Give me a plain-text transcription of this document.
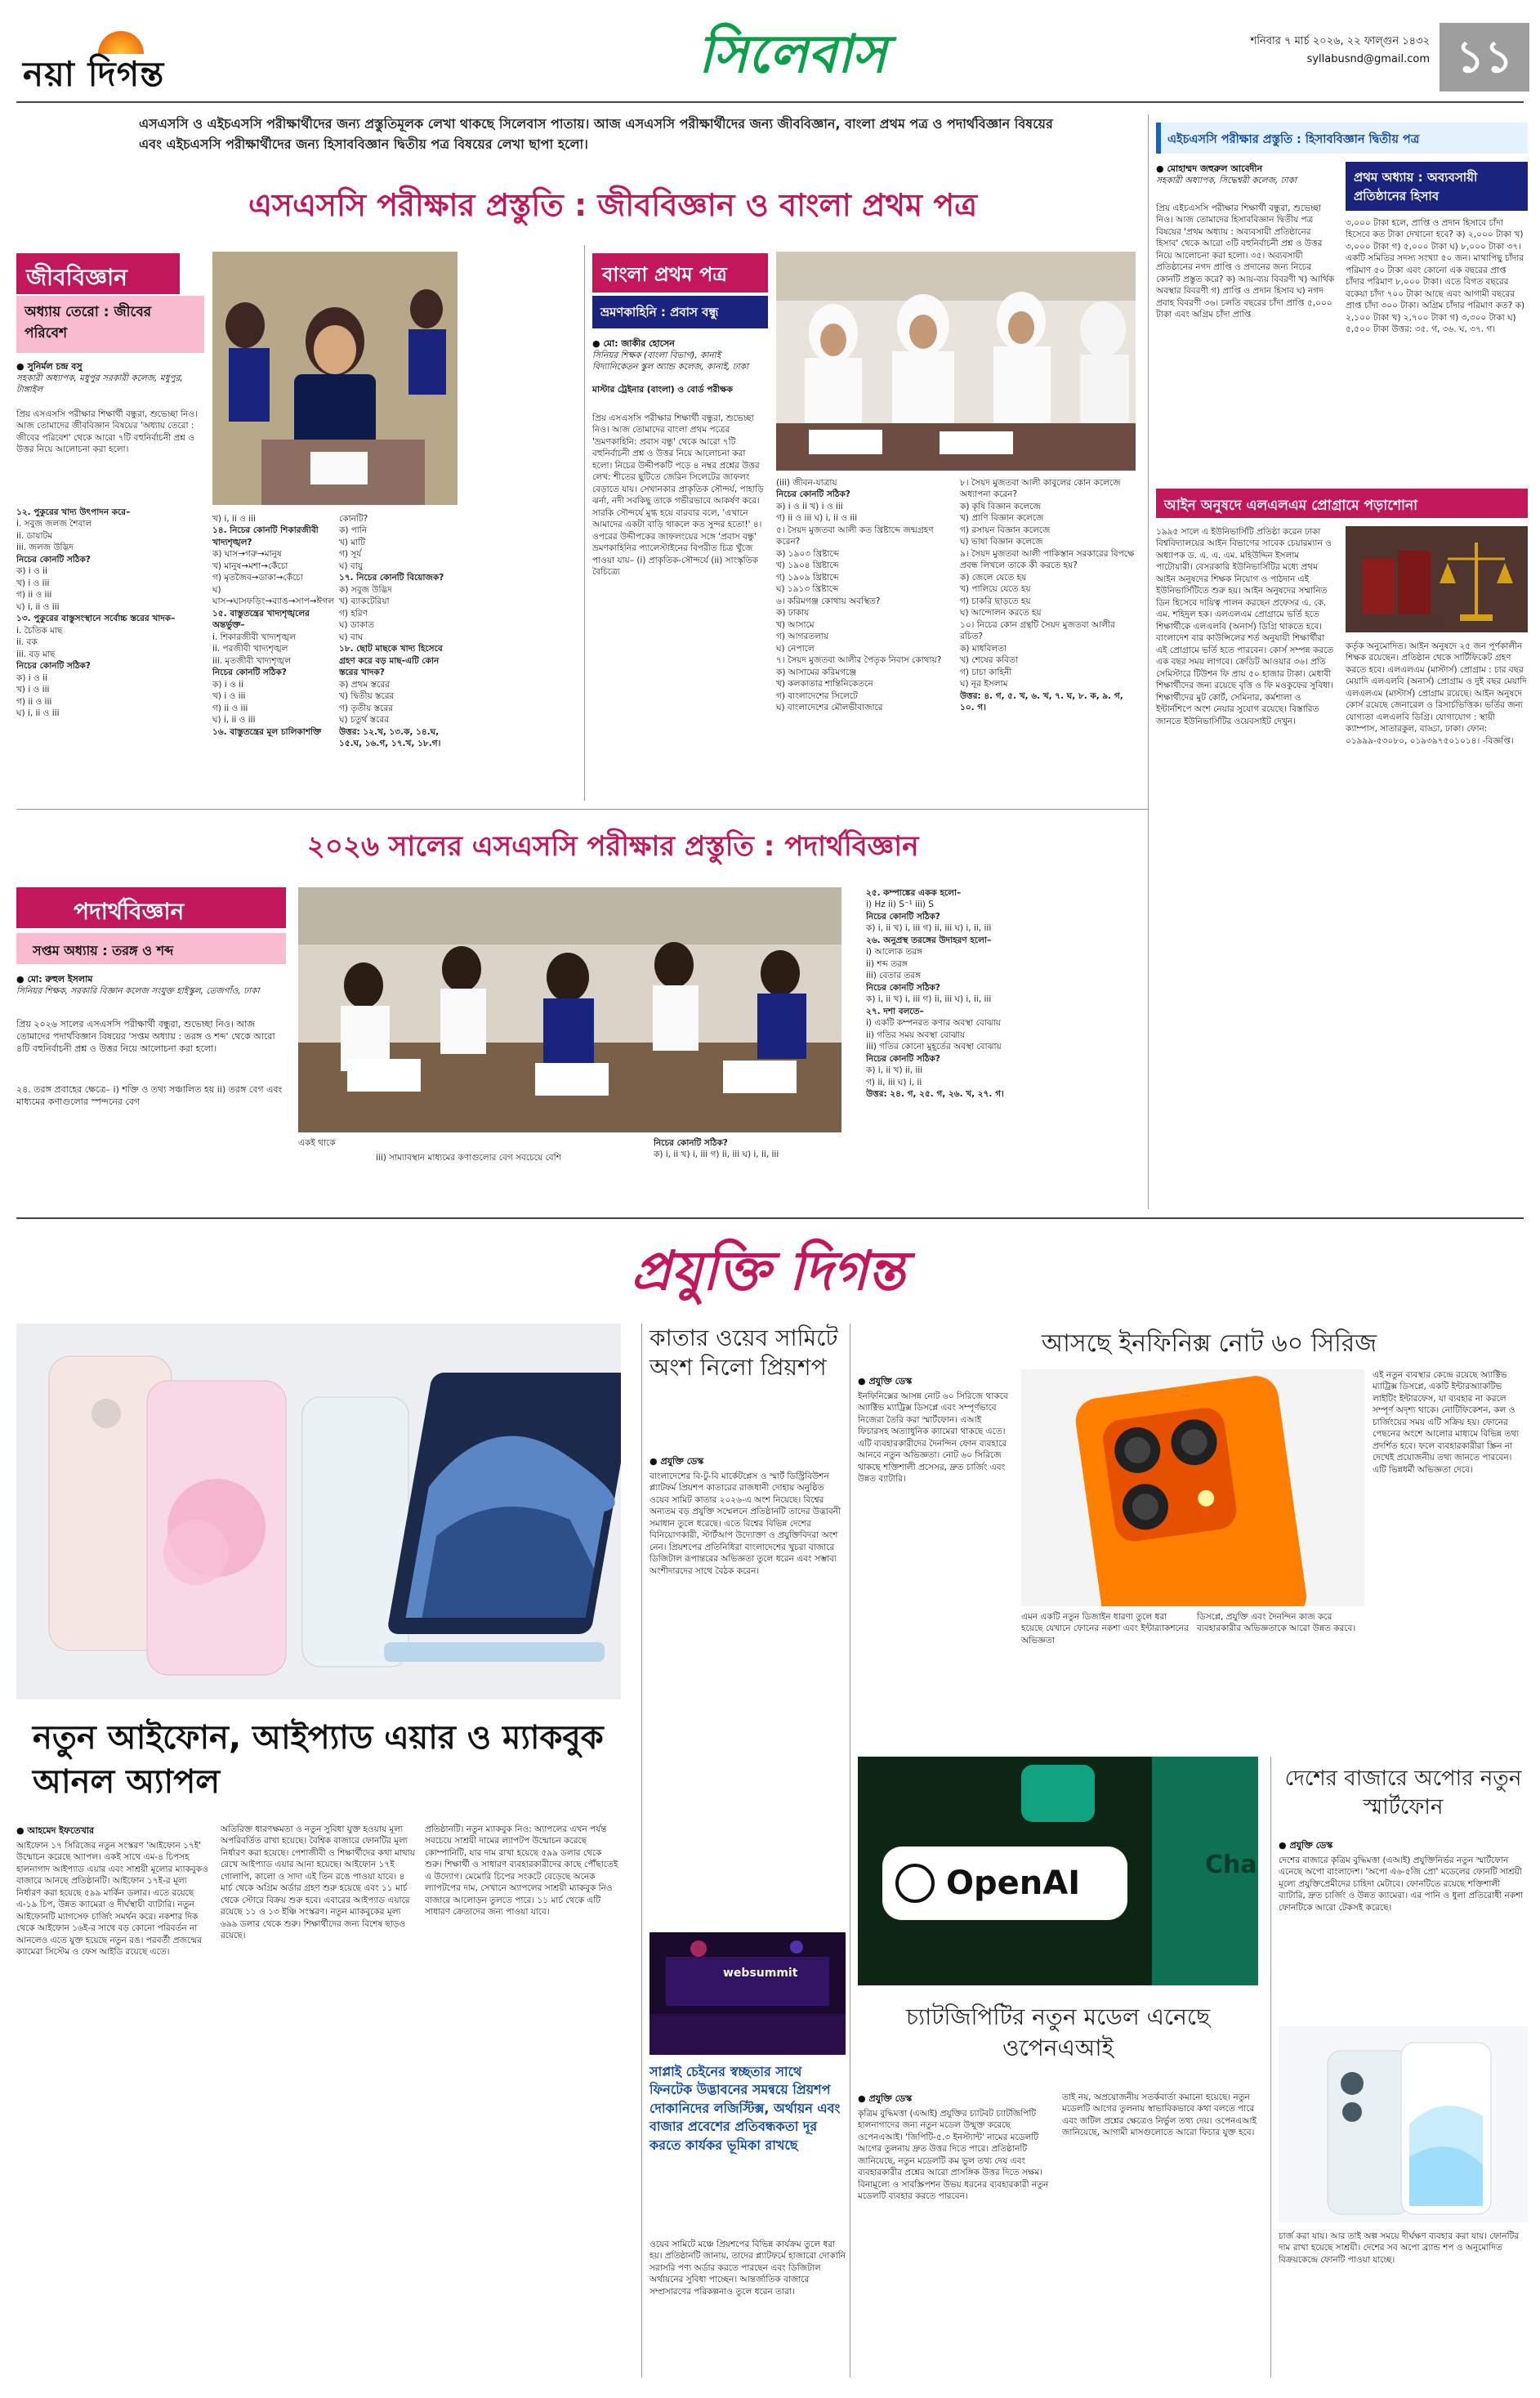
নয়া দিগন্ত	সিলেবাস	শনিবার ৭ মার্চ ২০২৬, ২২ ফাল্গুন ১৪৩২
syllabusnd@gmail.com ১১
এসএসসি ও এইচএসসি পরীক্ষার্থীদের জন্য প্রস্তুতিমূলক লেখা থাকছে সিলেবাস পাতায়। আজ এসএসসি পরীক্ষার্থীদের জন্য জীববিজ্ঞান, বাংলা প্রথম পত্র ও পদার্থবিজ্ঞান বিষয়ের এবং এইচএসসি পরীক্ষার্থীদের জন্য হিসাববিজ্ঞান দ্বিতীয় পত্র বিষয়ের লেখা ছাপা হলো।
এসএসসি পরীক্ষার প্রস্তুতি : জীববিজ্ঞান ও বাংলা প্রথম পত্র
জীববিজ্ঞান
অধ্যায় তেরো : জীবের পরিবেশ
● সুনির্মল চন্দ্র বসু
সহকারী অধ্যাপক, মধুপুর সরকারী কলেজ, মধুপুর, টাঙ্গাইল
প্রিয় এসএসসি পরীক্ষার শিক্ষার্থী বন্ধুরা, শুভেচ্ছা নিও। আজ তোমাদের জীববিজ্ঞান বিষয়ের 'অধ্যায় তেরো : জীবের পরিবেশ' থেকে আরো ৭টি বহুনির্বাচনী প্রশ্ন ও উত্তর নিয়ে আলোচনা করা হলো।
১২. পুকুরের খাদ্য উৎপাদন করে–
i. সবুজ জলজ শৈবাল
ii. ডায়াটম
iii. জলজ উদ্ভিদ
নিচের কোনটি সঠিক?
ক) i ও ii
খ) i ও iii
গ) ii ও iii
ঘ) i, ii ও iii
১৩. পুকুরের বাস্তুসংস্থানে সর্বোচ্চ স্তরের খাদক–
i. চৈতিক মাছ
ii. বক
iii. বড় মাছ
নিচের কোনটি সঠিক?
ক) i ও ii
খ) i ও iii
গ) ii ও iii
ঘ) i, ii ও iii
খ) i, ii ও iii
১৪. নিচের কোনটি শিকারজীবী খাদ্যশৃঙ্খল?
ক) ঘাস→গরু→মানুষ
খ) মানুষ→মশা→কেঁচো
গ) মৃতজৈব→ডাকা→কেঁচো
ঘ) ঘাস→ঘাসফড়িং→ব্যাঙ→সাপ→ঈগল
১৫. বাস্তুতন্ত্রের খাদ্যশৃঙ্খলের অন্তর্ভুক্ত–
i. শিকারজীবী খাদ্যশৃঙ্খল
ii. পরজীবী খাদ্যশৃঙ্খল
iii. মৃতজীবী খাদ্যশৃঙ্খল
নিচের কোনটি সঠিক?
ক) i ও ii
খ) i ও iii
গ) ii ও iii
ঘ) i, ii ও iii
১৬. বাস্তুতন্ত্রের মূল চালিকাশক্তি
কোনটি?
ক) পানি
খ) মাটি
গ) সূর্য
ঘ) বায়ু
১৭. নিচের কোনটি বিয়োজক?
ক) সবুজ উদ্ভিদ
খ) ব্যাকটেরিয়া
গ) হরিণ
ঘ) ডাকাত
ঘ) বাঘ
১৮. ছোট মাছকে খাদ্য হিসেবে গ্রহণ করে বড় মাছ-এটি কোন স্তরের খাদক?
ক) প্রথম স্তরের
খ) দ্বিতীয় স্তরের
গ) তৃতীয় স্তরের
ঘ) চতুর্থ স্তরের
উত্তর: ১২.খ, ১৩.ক, ১৪.ঘ, ১৫.ঘ, ১৬.গ, ১৭.খ, ১৮.গ।
বাংলা প্রথম পত্র
ভ্রমণকাহিনি : প্রবাস বন্ধু
● মো: জাকীর হোসেন
সিনিয়র শিক্ষক (বাংলা বিভাগ), কানাই বিদ্যানিকেতন স্কুল অ্যান্ড কলেজ, কানাই, ঢাকা
মাস্টার ট্রেইনার (বাংলা) ও বোর্ড পরীক্ষক
প্রিয় এসএসসি পরীক্ষার শিক্ষার্থী বন্ধুরা, শুভেচ্ছা নিও। আজ তোমাদের বাংলা প্রথম পত্রের 'ভ্রমণকাহিনি: প্রবাস বন্ধু' থেকে আরো ৭টি বহুনির্বাচনী প্রশ্ন ও উত্তর নিয়ে আলোচনা করা হলো। নিচের উদ্দীপকটি পড়ে ৪ নম্বর প্রশ্নের উত্তর লেখ: শীতের ছুটিতে জেরিন সিলেটের জাফলং বেড়াতে যায়। সেখানকার প্রাকৃতিক সৌন্দর্য, পাহাড়ি ঝর্না, নদী সবকিছু তাকে গভীরভাবে আকর্ষণ করে। সারকি সৌন্দর্যে মুগ্ধ হয়ে বারবার বলে, 'এখানে আমাদের একটা বাড়ি থাকলে কত সুন্দর হতো!' ৪। ওপরের উদ্দীপকের জাফলংয়ের সঙ্গে 'প্রবাস বন্ধু' ভ্রমণকাহিনির প্যালেস্টাইনের বিপরীত চিত্র খুঁজে পাওয়া যায়– (i) প্রাকৃতিক-সৌন্দর্যে (ii) সাংস্কৃতিক বৈচিত্র্যে
(iii) জীবন-যাত্রায়
নিচের কোনটি সঠিক?
ক) i ও ii খ) i ও iii
গ) ii ও iii ঘ) i, ii ও iii
৫। সৈয়দ মুজতবা আলী কত খ্রিষ্টাব্দে জন্মগ্রহণ করেন?
ক) ১৯০৩ খ্রিষ্টাব্দে
খ) ১৯০৪ খ্রিষ্টাব্দে
গ) ১৯০৯ খ্রিষ্টাব্দে
ঘ) ১৯১৩ খ্রিষ্টাব্দে
৬। করিমগঞ্জ কোথায় অবস্থিত?
ক) ঢাকায়
খ) আসামে
গ) আগরতলায়
ঘ) নেপালে
৭। সৈয়দ মুজতবা আলীর পৈতৃক নিবাস কোথায়?
ক) আসামের করিমগঞ্জে
খ) কলকাতার শান্তিনিকেতনে
গ) বাংলাদেশের সিলেটে
ঘ) বাংলাদেশের মৌলভীবাজারে
৮। সৈয়দ মুজতবা আলী কাবুলের কোন কলেজে অধ্যাপনা করেন?
ক) কৃষি বিজ্ঞান কলেজে
খ) প্রাণি বিজ্ঞান কলেজে
গ) রসায়ন বিজ্ঞান কলেজে
ঘ) ভাষা বিজ্ঞান কলেজে
৯। সৈয়দ মুজতবা আলী পাকিস্তান সরকারের বিপক্ষে প্রবন্ধ লিখলে তাকে কী করতে হয়?
ক) জেলে যেতে হয়
খ) পালিয়ে যেতে হয়
গ) চাকরি ছাড়তে হয়
ঘ) আন্দোলন করতে হয়
১০। নিচের কোন গ্রন্থটি সৈয়দ মুজতবা আলীর রচিত?
ক) মাধবিলতা
খ) শেষের কবিতা
গ) চাচা কাহিনী
ঘ) নূর ইসলাম
উত্তর: ৪. গ, ৫. খ, ৬. খ, ৭. ঘ, ৮. ক, ৯. গ, ১০. গ।
এইচএসসি পরীক্ষার প্রস্তুতি : হিসাববিজ্ঞান দ্বিতীয় পত্র
● মোহাম্মদ জহুরুল আবেদীন
সহকারী অধ্যাপক, সিদ্ধেশ্বরী কলেজ, ঢাকা
প্রিয় এইচএসসি পরীক্ষার শিক্ষার্থী বন্ধুরা, শুভেচ্ছা নিও। আজ তোমাদের হিসাববিজ্ঞান দ্বিতীয় পত্র বিষয়ের 'প্রথম অধ্যায় : অব্যবসায়ী প্রতিষ্ঠানের হিসাব' থেকে আরো ৩টি বহুনির্বাচনী প্রশ্ন ও উত্তর নিয়ে আলোচনা করা হলো। ৩৫। অব্যবসায়ী প্রতিষ্ঠানের নগদ প্রাপ্তি ও প্রদানের জন্য নিচের কোনটি প্রস্তুত করে? ক) আয়-ব্যয় বিবরণী খ) আর্থিক অবস্থার বিবরণী গ) প্রাপ্তি ও প্রদান হিসাব ঘ) নগদ প্রবাহ বিবরণী ৩৬। চলতি বছরের চাঁদা প্রাপ্তি ৫,০০০ টাকা এবং অগ্রিম চাঁদা প্রাপ্তি
প্রথম অধ্যায় : অব্যবসায়ী প্রতিষ্ঠানের হিসাব
৩,০০০ টাকা হলে, প্রাপ্তি ও প্রদান হিসাবে চাঁদা হিসেবে কত টাকা দেখানো হবে? ক) ২,০০০ টাকা খ) ৩,০০০ টাকা গ) ৫,০০০ টাকা ঘ) ৮,০০০ টাকা ৩৭। একটি সমিতির সদস্য সংখ্যা ৫০ জন। মাথাপিছু চাঁদার পরিমাণ ৫০ টাকা এবং কোনো এক বছরের প্রাপ্ত চাঁদার পরিমাণ ৮,০০০ টাকা। এতে বিগত বছরের বকেয়া চাঁদা ৭০০ টাকা আছে এবং আগামী বছরের প্রাপ্ত চাঁদা ৩০০ টাকা। অগ্রিম চাঁদার পরিমাণ কত? ক) ২,১০০ টাকা খ) ২,৭০০ টাকা গ) ৩,৩০০ টাকা ঘ) ৫,৫০০ টাকা উত্তর: ৩৫. গ, ৩৬. ঘ, ৩৭. গ।
আইন অনুষদে এলএলএম প্রোগ্রামে পড়াশোনা
১৯৯৫ সালে এ ইউনিভার্সিটি প্রতিষ্ঠা করেন ঢাকা বিশ্ববিদ্যালয়ের আইন বিভাগের সাবেক চেয়ারম্যান ও অধ্যাপক ড. এ. এ. এম. মহিউদ্দিন ইসলাম পাটোয়ারী। বেসরকারি ইউনিভার্সিটির মধ্যে প্রথম আইন অনুষদের শিক্ষক নিয়োগ ও পাঠদান এই ইউনিভার্সিটিতে শুরু হয়। আইন অনুষদের সম্মানিত ডিন হিসেবে দায়িত্ব পালন করছেন প্রফেসর এ. কে. এম. শহিদুল হক। এলএলএম প্রোগ্রামে ভর্তি হতে শিক্ষার্থীকে এলএলবি (অনার্স) ডিগ্রি থাকতে হবে। বাংলাদেশ বার কাউন্সিলের শর্ত অনুযায়ী শিক্ষার্থীরা এই প্রোগ্রামে ভর্তি হতে পারবেন। কোর্স সম্পন্ন করতে এক বছর সময় লাগবে। ক্রেডিট আওয়ার ৩৬। প্রতি সেমিস্টারে টিউশন ফি প্রায় ৫০ হাজার টাকা। মেধাবী শিক্ষার্থীদের জন্য রয়েছে বৃত্তি ও ফি মওকুফের সুবিধা। শিক্ষার্থীদের মুট কোর্ট, সেমিনার, কর্মশালা ও ইন্টার্নশিপে অংশ নেয়ার সুযোগ রয়েছে। বিস্তারিত জানতে ইউনিভার্সিটির ওয়েবসাইট দেখুন।
কর্তৃক অনুমোদিত। আইন অনুষদে ২৫ জন পূর্ণকালীন শিক্ষক রয়েছেন। প্রতিষ্ঠান থেকে সার্টিফিকেট গ্রহণ করতে হবে। এলএলএম (মাস্টার্স) প্রোগ্রাম : চার বছর মেয়াদি এলএলবি (অনার্স) প্রোগ্রাম ও দুই বছর মেয়াদি এলএলএম (মাস্টার্স) প্রোগ্রাম রয়েছে। আইন অনুষদে কোর্স রয়েছে জেনারেল ও রিসার্চভিত্তিক। ভর্তির জন্য যোগ্যতা এলএলবি ডিগ্রি। যোগাযোগ : স্থায়ী ক্যাম্পাস, সাতারকুল, বাড্ডা, ঢাকা। ফোন: ০১৯৯৯-৫৩০৮০, ০১৯৩৯৭৫০১০১৪। -বিজ্ঞপ্তি।
২০২৬ সালের এসএসসি পরীক্ষার প্রস্তুতি : পদার্থবিজ্ঞান
পদার্থবিজ্ঞান
সপ্তম অধ্যায় : তরঙ্গ ও শব্দ
● মো: রুহুল ইসলাম
সিনিয়র শিক্ষক, সরকারি বিজ্ঞান কলেজ সংযুক্ত হাইস্কুল, তেজগাঁও, ঢাকা
প্রিয় ২০২৬ সালের এসএসসি পরীক্ষার্থী বন্ধুরা, শুভেচ্ছা নিও। আজ তোমাদের পদার্থবিজ্ঞান বিষয়ের 'সপ্তম অধ্যায় : তরঙ্গ ও শব্দ' থেকে আরো ৪টি বহুনির্বাচনী প্রশ্ন ও উত্তর নিয়ে আলোচনা করা হলো।
২৪. তরঙ্গ প্রবাহের ক্ষেত্রে– i) শক্তি ও তথ্য সঞ্চালিত হয় ii) তরঙ্গ বেগ এবং মাধ্যমের কণাগুলোর স্পন্দনের বেগ
একই থাকে
iii) সাম্যাবস্থান মাধ্যমের কণাগুলোর বেগ সবচেয়ে বেশি
নিচের কোনটি সঠিক?
ক) i, ii খ) i, iii গ) ii, iii ঘ) i, ii, iii
২৫. কম্পাঙ্কের একক হলো–
i) Hz ii) S⁻¹ iii) S
নিচের কোনটি সঠিক?
ক) i, ii খ) i, iii গ) ii, iii ঘ) i, ii, iii
২৬. অনুপ্রস্থ তরঙ্গের উদাহরণ হলো–
i) আলোক তরঙ্গ
ii) শব্দ তরঙ্গ
iii) বেতার তরঙ্গ
নিচের কোনটি সঠিক?
ক) i, ii খ) i, iii গ) ii, iii ঘ) i, ii, iii
২৭. দশা বলতে–
i) একটি কম্পনরত কণার অবস্থা বোঝায়
ii) গতির সময় অবস্থা বোঝায়
iii) গতির কোনো মুহূর্তের অবস্থা বোঝায়
নিচের কোনটি সঠিক?
ক) i, ii খ) ii, iii
গ) ii, iii ঘ) i, ii
উত্তর: ২৪. গ, ২৫. গ, ২৬. খ, ২৭. গ।
প্রযুক্তি দিগন্ত
নতুন আইফোন, আইপ্যাড এয়ার ও ম্যাকবুক আনল অ্যাপল
● আহমেদ ইফতেখার
আইফোন ১৭ সিরিজের নতুন সংস্করণ 'আইফোন ১৭ই' উন্মোচন করেছে অ্যাপল। একই সাথে এম-৪ চিপসহ হালনাগাদ আইপ্যাড এয়ার এবং সাশ্রয়ী মূল্যের ম্যাকবুকও বাজারে আনছে প্রতিষ্ঠানটি। আইফোন ১৭ই-র মূল্য নির্ধারণ করা হয়েছে ৫৯৯ মার্কিন ডলার। এতে রয়েছে এ-১৯ চিপ, উন্নত ক্যামেরা ও দীর্ঘস্থায়ী ব্যাটারি। নতুন আইফোনটি ম্যাগসেফ চার্জিং সমর্থন করে। নকশার দিক থেকে আইফোন ১৬ই-র সাথে বড় কোনো পরিবর্তন না আনলেও এতে যুক্ত হয়েছে নতুন রঙ। পরবর্তী প্রজন্মের ক্যামেরা সিস্টেম ও ফেস আইডি রয়েছে এতে।
অতিরিক্ত ধারণক্ষমতা ও নতুন সুবিধা যুক্ত হওয়ায় মূল্য অপরিবর্তিত রাখা হয়েছে। বৈশ্বিক বাজারে ফোনটির মূল্য নির্ধারণ করা হয়েছে। পেশাজীবী ও শিক্ষার্থীদের কথা মাথায় রেখে আইপ্যাড এয়ার আনা হয়েছে। আইফোন ১৭ই গোলাপি, কালো ও সাদা এই তিন রঙে পাওয়া যাবে। ৪ মার্চ থেকে অগ্রিম অর্ডার গ্রহণ শুরু হয়েছে এবং ১১ মার্চ থেকে স্টোরে বিক্রয় শুরু হবে। এবারের আইপ্যাড এয়ারে রয়েছে ১১ ও ১৩ ইঞ্চি সংস্করণ। নতুন ম্যাকবুকের মূল্য ৬৯৯ ডলার থেকে শুরু। শিক্ষার্থীদের জন্য বিশেষ ছাড়ও রয়েছে।
প্রতিষ্ঠানটি। নতুন ম্যাকবুক নিও: অ্যাপলের এখন পর্যন্ত সবচেয়ে সাশ্রয়ী দামের ল্যাপটপ উন্মোচন করেছে কোম্পানিটি, যার দাম রাখা হয়েছে ৫৯৯ ডলার থেকে শুরু। শিক্ষার্থী ও সাধারণ ব্যবহারকারীদের কাছে পৌঁছাতেই এ উদ্যোগ। মেমোরি চিপের সংকটে বেড়েছে অনেক ল্যাপটপের দাম, সেখানে অ্যাপলের সাশ্রয়ী ম্যাকবুক নিও বাজারে আলোড়ন তুলতে পারে। ১১ মার্চ থেকে এটি সাধারণ ক্রেতাদের জন্য পাওয়া যাবে।
কাতার ওয়েব সামিটে অংশ নিলো প্রিয়শপ
● প্রযুক্তি ডেস্ক
বাংলাদেশের বি-টু-বি মার্কেটপ্লেস ও স্মার্ট ডিস্ট্রিবিউশন প্ল্যাটফর্ম প্রিয়শপ কাতারের রাজধানী দোহায় অনুষ্ঠিত ওয়েব সামিট কাতার ২০২৬-এ অংশ নিয়েছে। বিশ্বের অন্যতম বড় প্রযুক্তি সম্মেলনে প্রতিষ্ঠানটি তাদের উদ্ভাবনী সমাধান তুলে ধরেছে। এতে বিশ্বের বিভিন্ন দেশের বিনিয়োগকারী, স্টার্টআপ উদ্যোক্তা ও প্রযুক্তিবিদরা অংশ নেন। প্রিয়শপের প্রতিনিধিরা বাংলাদেশের খুচরা বাজারে ডিজিটাল রূপান্তরের অভিজ্ঞতা তুলে ধরেন এবং সম্ভাব্য অংশীদারদের সাথে বৈঠক করেন।
websummit
সাপ্লাই চেইনের স্বচ্ছতার সাথে ফিনটেক উদ্ভাবনের সমন্বয়ে প্রিয়শপ দোকানিদের লজিস্টিক্স, অর্থায়ন এবং বাজার প্রবেশের প্রতিবন্ধকতা দূর করতে কার্যকর ভূমিকা রাখছে
ওয়েব সামিটে মঞ্চে প্রিয়শপের বিভিন্ন কার্যক্রম তুলে ধরা হয়। প্রতিষ্ঠানটি জানায়, তাদের প্ল্যাটফর্মে হাজারো দোকানি সরাসরি পণ্য অর্ডার করতে পারছেন এবং ডিজিটাল অর্থায়নের সুবিধা পাচ্ছেন। আন্তর্জাতিক বাজারে সম্প্রসারণের পরিকল্পনাও তুলে ধরেন তারা।
আসছে ইনফিনিক্স নোট ৬০ সিরিজ
● প্রযুক্তি ডেস্ক
ইনফিনিক্সের আসন্ন নোট ৬০ সিরিজে থাকবে অ্যাক্টিভ ম্যাট্রিক্স ডিসপ্লে এবং সম্পূর্ণভাবে নিজেরা তৈরি করা স্মার্টফোন। এআই ফিচারসহ অত্যাধুনিক ক্যামেরা থাকছে এতে। এটি ব্যবহারকারীদের দৈনন্দিন ফোন ব্যবহারে আনবে নতুন অভিজ্ঞতা। নোট ৬০ সিরিজে থাকছে শক্তিশালী প্রসেসর, দ্রুত চার্জিং এবং উন্নত ব্যাটারি।
এমন একটি নতুন ডিজাইন ধারণা তুলে ধরা হয়েছে যেখানে ফোনের নকশা এবং ইন্টার‌্যাকশনের অভিজ্ঞতা
ডিসপ্লে, প্রযুক্তি এবং দৈনন্দিন কাজ করে ব্যবহারকারীর অভিজ্ঞতাকে আরো উন্নত করবে।
এই নতুন ব্যবস্থার কেন্দ্রে রয়েছে অ্যাক্টিভ ম্যাট্রিক্স ডিসপ্লে, একটি ইন্টারঅ্যাকটিভ লাইটিং ইন্টারফেস, যা ব্যবহার না করলে সম্পূর্ণ অদৃশ্য থাকে। নোটিফিকেশন, কল ও চার্জিংয়ের সময় এটি সক্রিয় হয়। ফোনের পেছনের অংশে আলোর মাধ্যমে বিভিন্ন তথ্য প্রদর্শিত হবে। ফলে ব্যবহারকারীরা স্ক্রিন না দেখেই প্রয়োজনীয় তথ্য জানতে পারবেন। এটি ভিন্নধর্মী অভিজ্ঞতা দেবে।
OpenAI	Cha
চ্যাটজিপিটির নতুন মডেল এনেছে ওপেনএআই
● প্রযুক্তি ডেস্ক
কৃত্রিম বুদ্ধিমত্তা (এআই) প্রযুক্তির চ্যাটবট চ্যাটজিপিটি হালনাগাদের জন্য নতুন মডেল উন্মুক্ত করেছে ওপেনএআই। 'জিপিটি-৫.৩ ইনস্ট্যান্ট' নামের মডেলটি আগের তুলনায় দ্রুত উত্তর দিতে পারে। প্রতিষ্ঠানটি জানিয়েছে, নতুন মডেলটি কম ভুল তথ্য দেয় এবং ব্যবহারকারীর প্রশ্নের আরো প্রাসঙ্গিক উত্তর দিতে সক্ষম। বিনামূল্যে ও সাবস্ক্রিপশন উভয় ধরনের ব্যবহারকারী নতুন মডেলটি ব্যবহার করতে পারবেন।
তাই নয়, অপ্রয়োজনীয় সতর্কবার্তা কমানো হয়েছে। নতুন মডেলটি আগের তুলনায় স্বাভাবিকভাবে কথা বলতে পারে এবং জটিল প্রশ্নের ক্ষেত্রেও নির্ভুল তথ্য দেয়। ওপেনএআই জানিয়েছে, আগামী মাসগুলোতে আরো ফিচার যুক্ত হবে।
দেশের বাজারে অপোর নতুন স্মার্টফোন
● প্রযুক্তি ডেস্ক
দেশের বাজারে কৃত্রিম বুদ্ধিমত্তা (এআই) প্রযুক্তিনির্ভর নতুন স্মার্টফোন এনেছে অপো বাংলাদেশ। 'অপো এ৬-৫জি প্রো' মডেলের ফোনটি সাশ্রয়ী মূল্যে প্রযুক্তিপ্রেমীদের চাহিদা মেটাবে। ফোনটিতে রয়েছে শক্তিশালী ব্যাটারি, দ্রুত চার্জিং ও উন্নত ক্যামেরা। এর পানি ও ধুলা প্রতিরোধী নকশা ফোনটিকে আরো টেকসই করেছে।
চার্জ করা যায়। আর তাই অল্প সময়ে দীর্ঘক্ষণ ব্যবহার করা যায়। ফোনটির দাম রাখা হয়েছে সাশ্রয়ী। দেশের সব অপো ব্র্যান্ড শপ ও অনুমোদিত বিক্রয়কেন্দ্রে ফোনটি পাওয়া যাচ্ছে।
